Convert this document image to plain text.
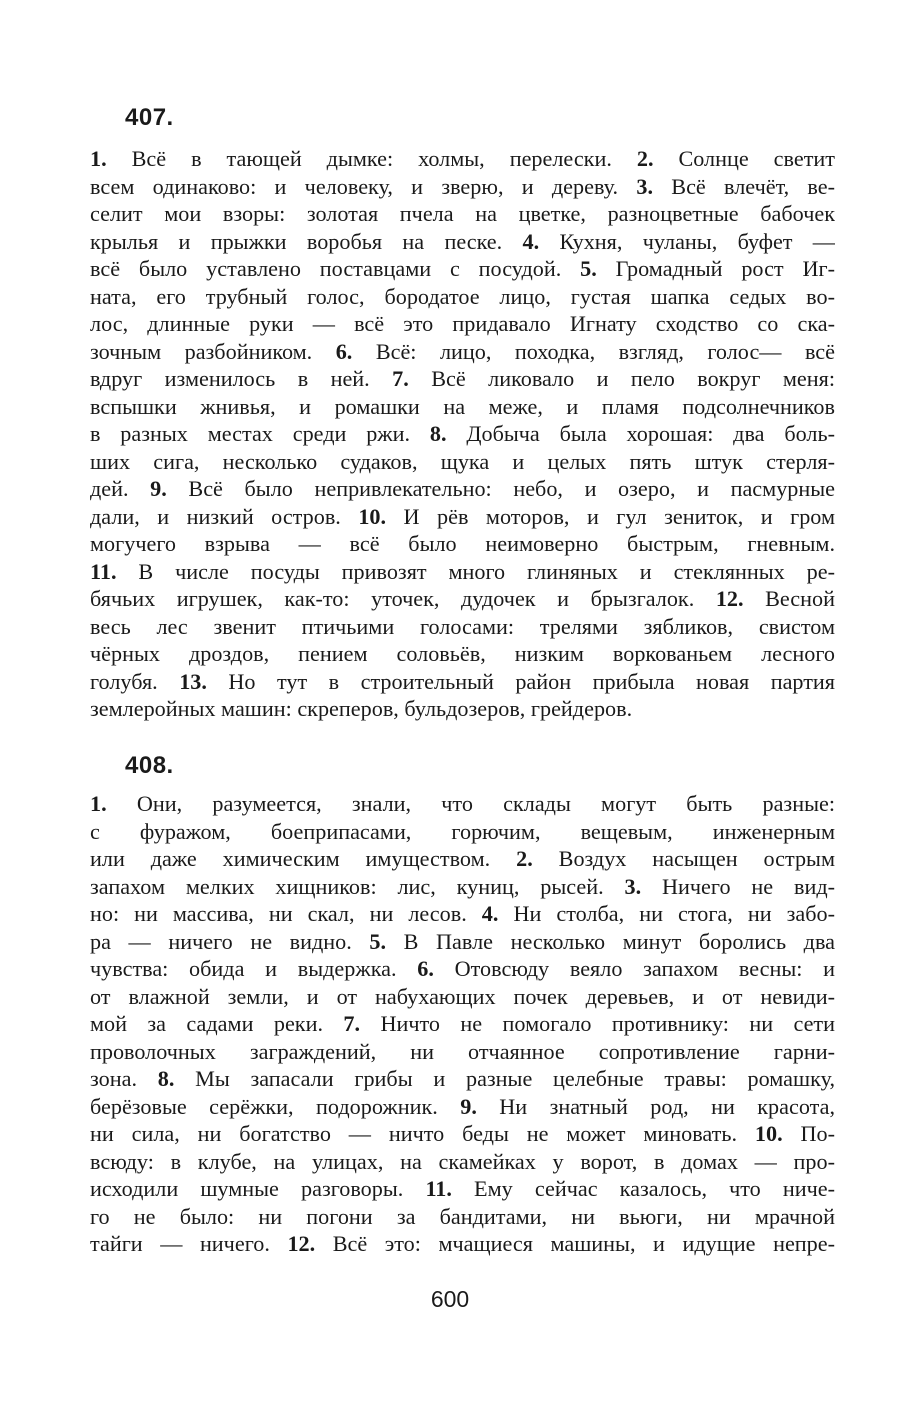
407.
1. Всё в тающей дымке: холмы, перелески. 2. Солнце светит
всем одинаково: и человеку, и зверю, и дереву. 3. Всё влечёт, ве-
селит мои взоры: золотая пчела на цветке, разноцветные бабочек
крылья и прыжки воробья на песке. 4. Кухня, чуланы, буфет —
всё было уставлено поставцами с посудой. 5. Громадный рост Иг-
ната, его трубный голос, бородатое лицо, густая шапка седых во-
лос, длинные руки — всё это придавало Игнату сходство со ска-
зочным разбойником. 6. Всё: лицо, походка, взгляд, голос— всё
вдруг изменилось в ней. 7. Всё ликовало и пело вокруг меня:
вспышки жнивья, и ромашки на меже, и пламя подсолнечников
в разных местах среди ржи. 8. Добыча была хорошая: два боль-
ших сига, несколько судаков, щука и целых пять штук стерля-
дей. 9. Всё было непривлекательно: небо, и озеро, и пасмурные
дали, и низкий остров. 10. И рёв моторов, и гул зениток, и гром
могучего взрыва — всё было неимоверно быстрым, гневным.
11. В числе посуды привозят много глиняных и стеклянных ре-
бячьих игрушек, как-то: уточек, дудочек и брызгалок. 12. Весной
весь лес звенит птичьими голосами: трелями зябликов, свистом
чёрных дроздов, пением соловьёв, низким воркованьем лесного
голубя. 13. Но тут в строительный район прибыла новая партия
землеройных машин: скреперов, бульдозеров, грейдеров.
408.
1. Они, разумеется, знали, что склады могут быть разные:
с фуражом, боеприпасами, горючим, вещевым, инженерным
или даже химическим имуществом. 2. Воздух насыщен острым
запахом мелких хищников: лис, куниц, рысей. 3. Ничего не вид-
но: ни массива, ни скал, ни лесов. 4. Ни столба, ни стога, ни забо-
ра — ничего не видно. 5. В Павле несколько минут боролись два
чувства: обида и выдержка. 6. Отовсюду веяло запахом весны: и
от влажной земли, и от набухающих почек деревьев, и от невиди-
мой за садами реки. 7. Ничто не помогало противнику: ни сети
проволочных заграждений, ни отчаянное сопротивление гарни-
зона. 8. Мы запасали грибы и разные целебные травы: ромашку,
берёзовые серёжки, подорожник. 9. Ни знатный род, ни красота,
ни сила, ни богатство — ничто беды не может миновать. 10. По-
всюду: в клубе, на улицах, на скамейках у ворот, в домах — про-
исходили шумные разговоры. 11. Ему сейчас казалось, что ниче-
го не было: ни погони за бандитами, ни вьюги, ни мрачной
тайги — ничего. 12. Всё это: мчащиеся машины, и идущие непре-

600
